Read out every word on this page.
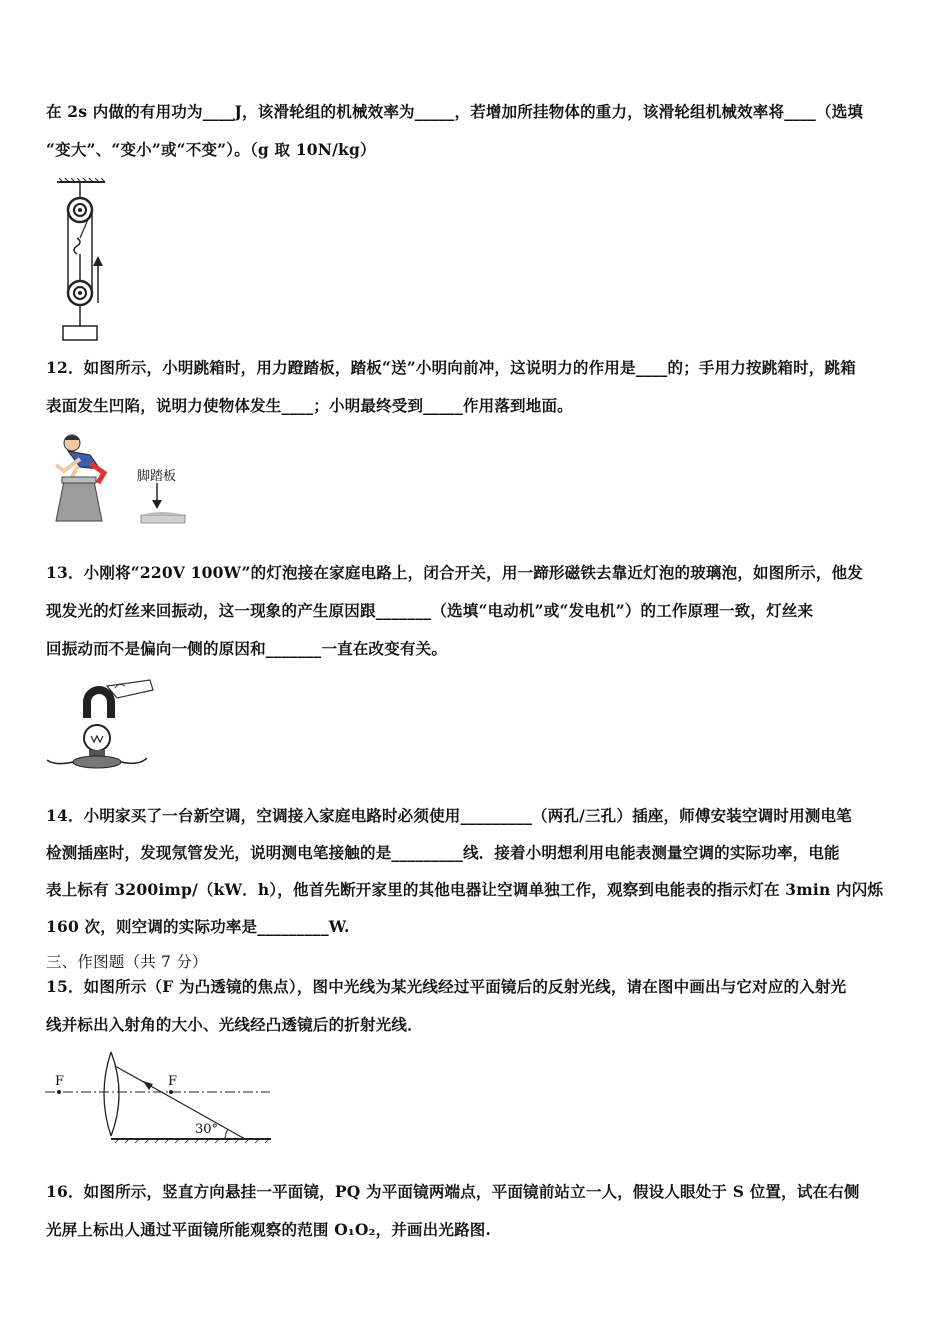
在 2s 内做的有用功为____J，该滑轮组的机械效率为_____，若增加所挂物体的重力，该滑轮组机械效率将____（选填
“变大”、“变小”或“不变”）。（g 取 10N/kg）
12．如图所示，小明跳箱时，用力蹬踏板，踏板“送”小明向前冲，这说明力的作用是____的；手用力按跳箱时，跳箱
表面发生凹陷，说明力使物体发生____；小明最终受到_____作用落到地面。
脚踏板
13．小刚将“220V 100W”的灯泡接在家庭电路上，闭合开关，用一蹄形磁铁去靠近灯泡的玻璃泡，如图所示，他发
现发光的灯丝来回振动，这一现象的产生原因跟_______（选填“电动机”或“发电机”）的工作原理一致，灯丝来
回振动而不是偏向一侧的原因和_______一直在改变有关。
14．小明家买了一台新空调，空调接入家庭电路时必须使用_________（两孔/三孔）插座，师傅安装空调时用测电笔
检测插座时，发现氖管发光，说明测电笔接触的是_________线．接着小明想利用电能表测量空调的实际功率，电能
表上标有 3200imp/（kW．h），他首先断开家里的其他电器让空调单独工作，观察到电能表的指示灯在 3min 内闪烁
160 次，则空调的实际功率是_________W.
三、作图题（共 7 分）
15．如图所示（F 为凸透镜的焦点），图中光线为某光线经过平面镜后的反射光线，请在图中画出与它对应的入射光
线并标出入射角的大小、光线经凸透镜后的折射光线．
F	F
30°
16．如图所示，竖直方向悬挂一平面镜，PQ 为平面镜两端点，平面镜前站立一人，假设人眼处于 S 位置，试在右侧
光屏上标出人通过平面镜所能观察的范围 O₁O₂，并画出光路图.
